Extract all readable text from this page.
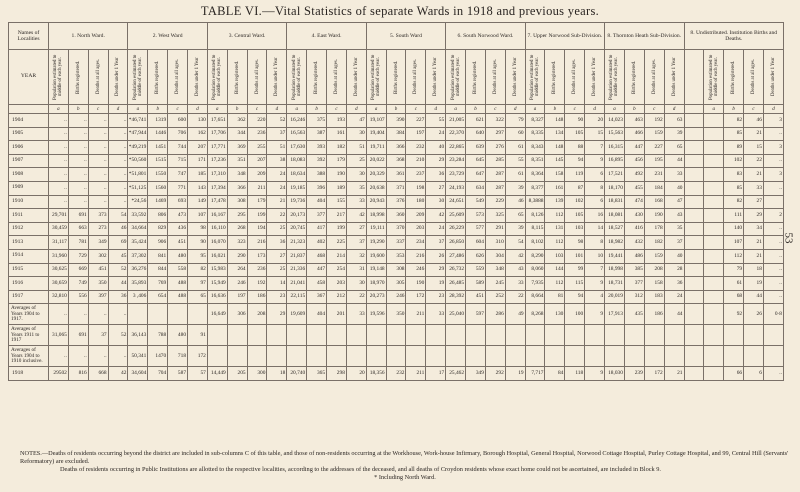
53
TABLE VI.—Vital Statistics of separate Wards in 1918 and previous years.
Names of Localities	1. North Ward.				2. West Ward				3. Central Ward.				4. East Ward.				5. South Ward				6. South Norwood Ward.				7. Upper Norwood Sub-Division.				8. Thornton Heath Sub-Division.				8. Undistributed. Institution Births and Deaths.				
YEAR	Population estimated to middle of each year.	Births registered.	Deaths at all ages.	Deaths under 1 Year	Population estimated to middle of each year.	Births registered.	Deaths at all ages.	Deaths under 1 Year	Population estimated to middle of each year.	Births registered.	Deaths at all ages.	Deaths under 1 Year	Population estimated to middle of each year.	Births registered.	Deaths at all ages.	Deaths under 1 Year	Population estimated to middle of each year.	Births registered.	Deaths at all ages.	Deaths under 1 Year	Population estimated to middle of each year.	Births registered.	Deaths at all ages.	Deaths under 1 Year	Population estimated to middle of each year.	Births registered.	Deaths at all ages.	Deaths under 1 Year	Population estimated to middle of each year.	Births registered.	Deaths at all ages.	Deaths under 1 Year		Population estimated to middle of each year.	Births registered.	Deaths at all ages.	Deaths under 1 Year

	a	b	c	d	a	b	c	d	a	b	c	d	a	b	c	d	a	b	c	d	a	b	c	d	a	b	c	d	a	b	c	d		a	b	c	d
1904	..	..	..	..	*46,741	1319	600	130	17,651	362	220	52	16,246	375	193	47	19,107	390	227	55	21,005	621	322	79	8,327	148	90	20	14,023	463	192	63			82	46	3
1905	..	..	..	..	*47,944	1446	706	162	17,706	344	236	37	16,563	387	161	30	19,404	384	197	24	22,370	640	297	60	8,335	134	105	15	15,563	466	159	39			85	21	..
1906	..	..	..	..	*49,219	1451	744	207	17,771	369	255	51	17,630	393	182	51	19,711	366	232	40	22,865	639	276	61	8,343	148	88	7	16,315	447	227	65			89	15	3
1907	..	..	..	..	*50,560	1515	715	171	17,236	351	207	38	18,083	392	179	25	20,022	368	210	29	23,284	645	285	55	8,351	145	94	9	16,895	456	195	44			102	22	..
1908	..	..	..	..	*51,801	1550	747	185	17,310	348	209	24	18,634	388	190	30	20,329	361	237	36	23,729	647	287	61	8,364	158	119	6	17,521	492	231	33			83	21	3
1909	..	..	..	..	*51,125	1560	771	143	17,394	366	211	24	19,185	396	189	35	20,638	371	198	27	24,193	634	287	39	8,377	161	87	8	18,170	455	184	40			85	33	..
1910	..	..	..	..	*24,56	1469	693	149	17,478	308	179	21	19,736	404	155	33	20,943	376	180	30	24,651	549	229	46	8,3888	139	102	6	18,831	474	168	47			82	27	
1911	29,701	691	373	54	33,592	806	473	107	16,167	295	199	22	20,173	377	217	42	18,998	360	209	42	25,609	573	325	65	8,126	112	105	16	18,081	430	190	43			111	29	2
1912	30,459	663	273	46	34,664	829	436	98	16,110	268	194	25	20,745	417	199	27	19,111	370	203	24	26,229	577	291	39	8,115	131	103	14	18,527	416	178	35			140	34	..
1913	31,117	781	349	69	35,424	906	451	90	16,070	323	216	36	21,323	402	225	37	19,290	337	234	37	26,850	604	310	54	8,102	112	98	8	18,982	432	182	37			107	21	..
1914	31,960	729	302	45	37,302	841	480	95	16,021	290	173	27	21,837	468	214	32	19,600	353	216	26	27,486	626	304	42	8,290	103	101	10	19,441	486	159	40			112	21	..
1915	30,625	669	451	52	36,276	844	558	82	15,983	264	236	25	21,336	447	254	31	19,148	308	246	29	26,732	559	348	43	8,060	144	99	7	18,998	385	208	28			79	18	..
1916	30,659	749	350	44	35,893	769	488	97	15,949	246	192	14	21,041	458	203	30	18,970	305	190	19	26,485	589	245	33	7,935	112	115	9	18,731	377	158	36			61	19	..
1917	32,810	556	397	36	3 ,406	654	488	65	16,636	197	186	23	22,115	367	212	22	20,273	246	172	23	28,392	451	252	22	8,664	81	94	4	20,019	312	183	24			68	44	..
Averages of Years 1904 to 1917.	..	..	..	..					16,649	306	208	29	19,609	404	201	33	19,596	350	211	33	25,040	597	286	49	8,268	130	100	9	17,913	435	186	44			92	26	0·8
Averages of Years 1911 to 1917	31,065	691	37	52	36,143	788	480	91																													
Averages of Years 1904 to 1910 inclusive.	..	..	..	..	50,341	1470	718	172																													
1918	29502	816	668	42	34,604	704	587	57	14,449	205	300	18	20,740	365	298	20	18,356	232	211	17	25,462	349	292	19	7,717	84	118	9	18,030	239	172	21			66	6	..

NOTES.—Deaths of residents occurring beyond the district are included in sub-columns C of this table, and those of non-residents occurring at the Workhouse, Work-house Infirmary, Borough Hospital, General Hospital, Norwood Cottage Hospital, Purley Cottage Hospital, and 99, Central Hill (Servants' Reformatory) are excluded.

Deaths of residents occurring in Public Institutions are allotted to the respective localities, according to the addresses of the deceased, and all deaths of Croydon residents whose exact home could not be ascertained, are included in Block 9.

* Including North Ward.
